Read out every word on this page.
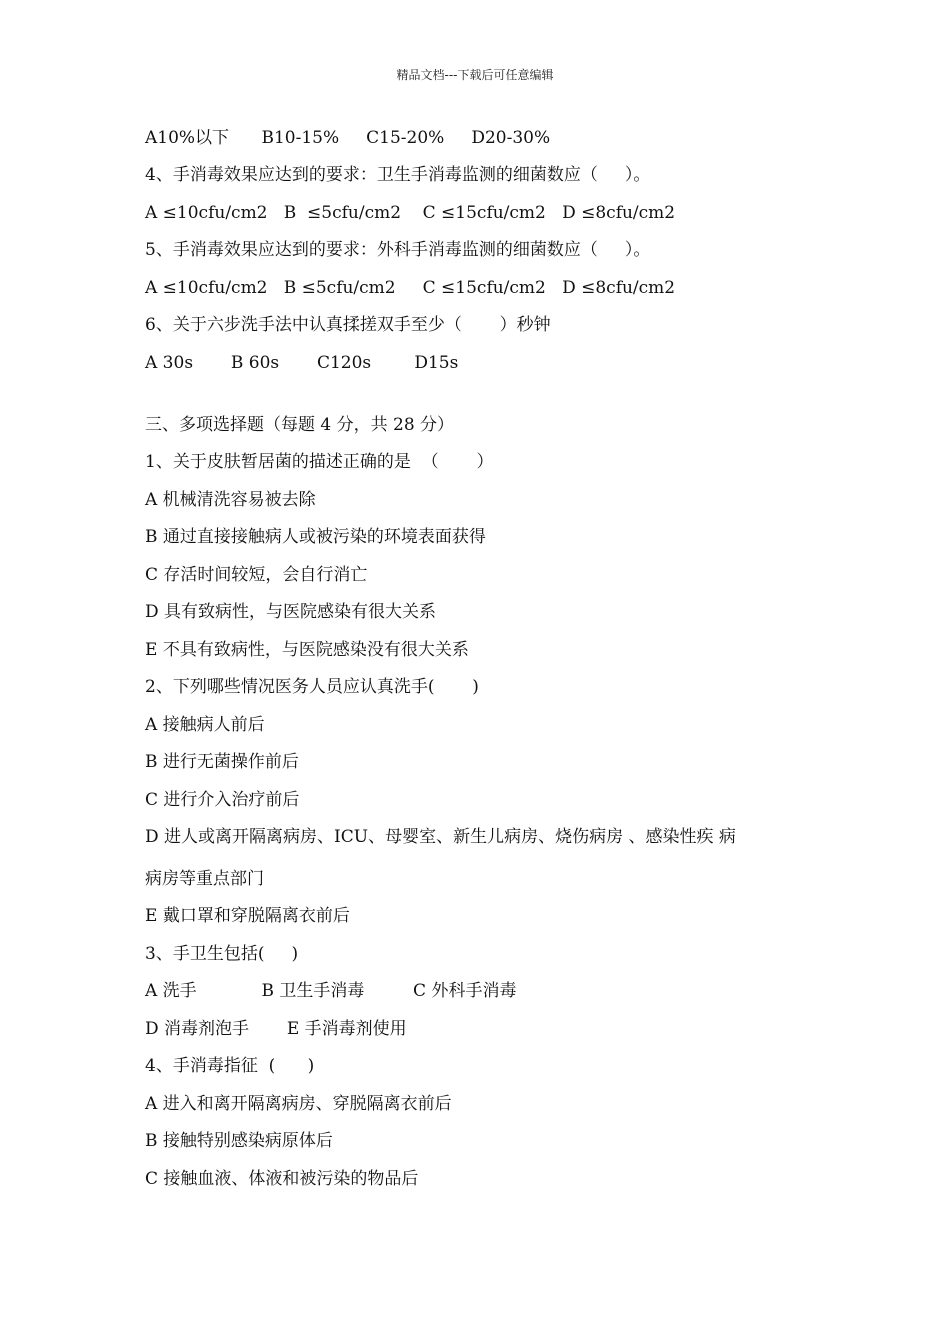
精品文档---下载后可任意编辑
A10%以下      B10-15%     C15-20%     D20-30%
4、手消毒效果应达到的要求：卫生手消毒监测的细菌数应（     ）。
A ≤10cfu/cm2   B  ≤5cfu/cm2    C ≤15cfu/cm2   D ≤8cfu/cm2
5、手消毒效果应达到的要求：外科手消毒监测的细菌数应（     ）。
A ≤10cfu/cm2   B ≤5cfu/cm2     C ≤15cfu/cm2   D ≤8cfu/cm2
6、关于六步洗手法中认真揉搓双手至少（       ）秒钟
A 30s       B 60s       C120s        D15s
三、多项选择题（每题 4 分，共 28 分）
1、关于皮肤暂居菌的描述正确的是  （       ）
A 机械清洗容易被去除
B 通过直接接触病人或被污染的环境表面获得
C 存活时间较短，会自行消亡
D 具有致病性，与医院感染有很大关系
E 不具有致病性，与医院感染没有很大关系
2、下列哪些情况医务人员应认真洗手(       )
A 接触病人前后
B 进行无菌操作前后
C 进行介入治疗前后
D 进人或离开隔离病房、ICU、母婴室、新生儿病房、烧伤病房 、感染性疾 病
病房等重点部门
E 戴口罩和穿脱隔离衣前后
3、手卫生包括(     )
A 洗手            B 卫生手消毒         C 外科手消毒
D 消毒剂泡手       E 手消毒剂使用
4、手消毒指征  (      )
A 进入和离开隔离病房、穿脱隔离衣前后
B 接触特别感染病原体后
C 接触血液、体液和被污染的物品后
